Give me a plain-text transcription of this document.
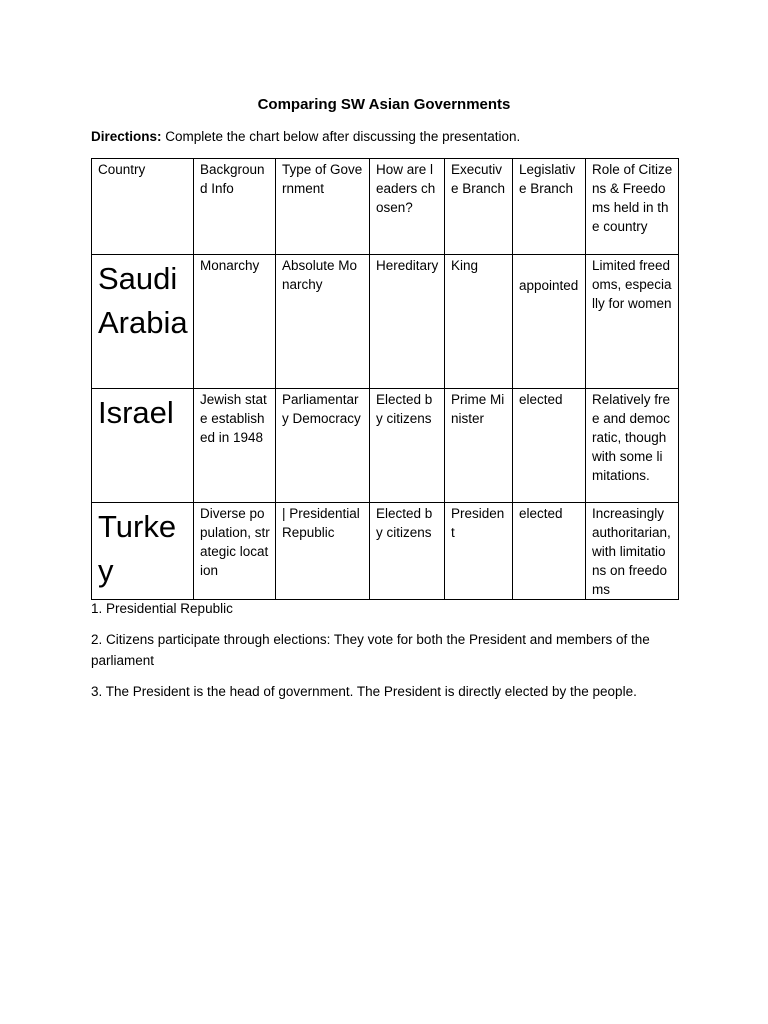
Comparing SW Asian Governments
Directions: Complete the chart below after discussing the presentation.
Country	Background Info	Type of Government	How are leaders chosen?	Executive Branch	Legislative Branch	Role of Citizens & Freedoms held in the country
Saudi Arabia	Monarchy	Absolute Monarchy	Hereditary	King	appointed	Limited freedoms, especially for women
Israel	Jewish state established in 1948	Parliamentary Democracy	Elected by citizens	Prime Minister	elected	Relatively free and democratic, though with some limitations.
Turkey	Diverse population, strategic location	| Presidential Republic	Elected by citizens	President	elected	Increasingly authoritarian, with limitations on freedoms

1. Presidential Republic

2. Citizens participate through elections: They vote for both the President and members of the parliament

3. The President is the head of government. The President is directly elected by the people.
